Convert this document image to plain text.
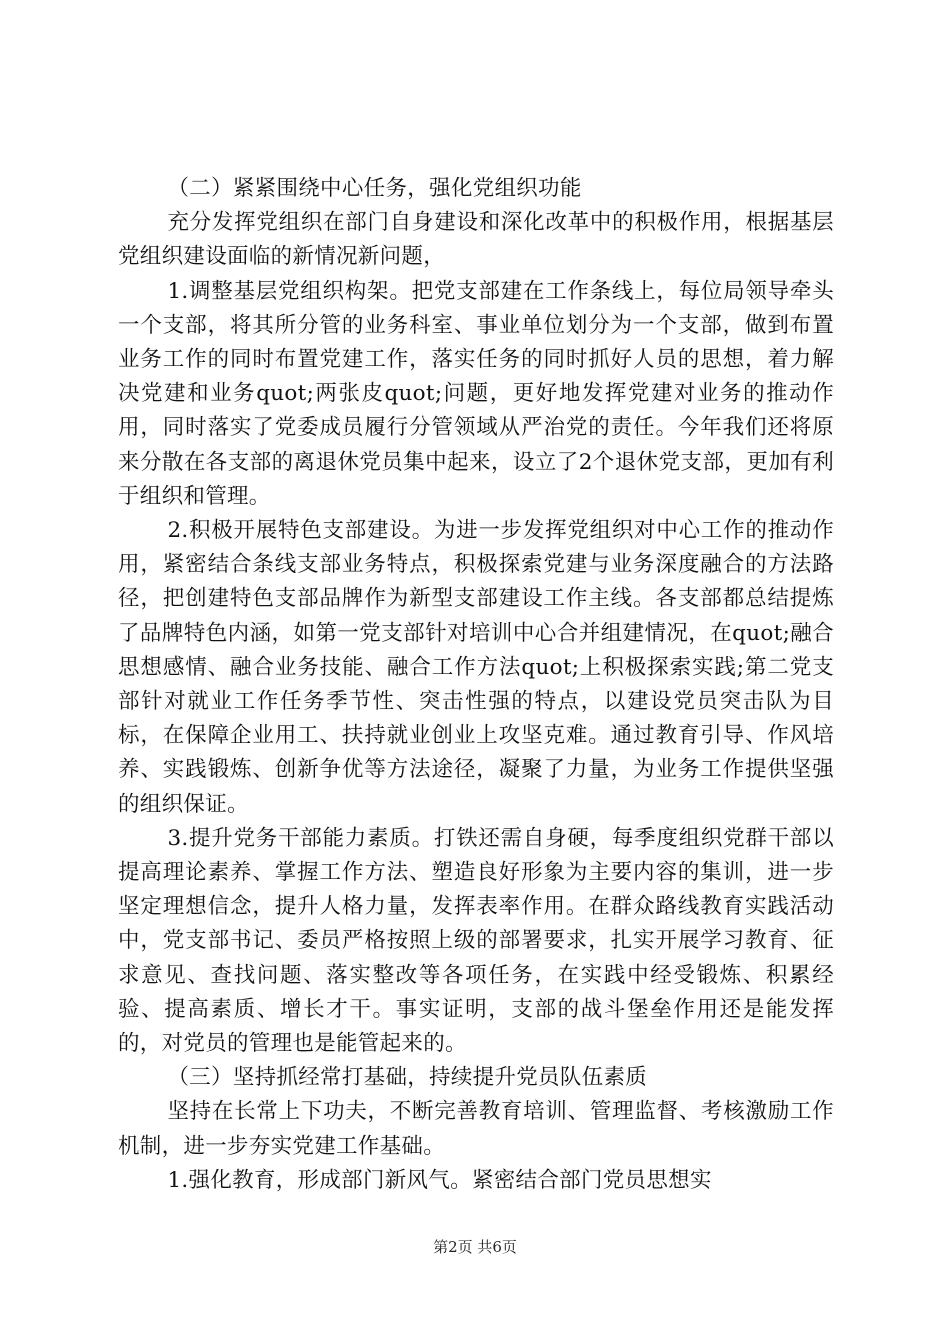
（二）紧紧围绕中心任务，强化党组织功能

充分发挥党组织在部门自身建设和深化改革中的积极作用，根据基层党组织建设面临的新情况新问题，

1.调整基层党组织构架。把党支部建在工作条线上，每位局领导牵头一个支部，将其所分管的业务科室、事业单位划分为一个支部，做到布置业务工作的同时布置党建工作，落实任务的同时抓好人员的思想，着力解决党建和业务quot;两张皮quot;问题，更好地发挥党建对业务的推动作用，同时落实了党委成员履行分管领域从严治党的责任。今年我们还将原来分散在各支部的离退休党员集中起来，设立了2个退休党支部，更加有利于组织和管理。

2.积极开展特色支部建设。为进一步发挥党组织对中心工作的推动作用，紧密结合条线支部业务特点，积极探索党建与业务深度融合的方法路径，把创建特色支部品牌作为新型支部建设工作主线。各支部都总结提炼了品牌特色内涵，如第一党支部针对培训中心合并组建情况，在quot;融合思想感情、融合业务技能、融合工作方法quot;上积极探索实践;第二党支部针对就业工作任务季节性、突击性强的特点，以建设党员突击队为目标，在保障企业用工、扶持就业创业上攻坚克难。通过教育引导、作风培养、实践锻炼、创新争优等方法途径，凝聚了力量，为业务工作提供坚强的组织保证。

3.提升党务干部能力素质。打铁还需自身硬，每季度组织党群干部以提高理论素养、掌握工作方法、塑造良好形象为主要内容的集训，进一步坚定理想信念，提升人格力量，发挥表率作用。在群众路线教育实践活动中，党支部书记、委员严格按照上级的部署要求，扎实开展学习教育、征求意见、查找问题、落实整改等各项任务，在实践中经受锻炼、积累经验、提高素质、增长才干。事实证明，支部的战斗堡垒作用还是能发挥的，对党员的管理也是能管起来的。

（三）坚持抓经常打基础，持续提升党员队伍素质

坚持在长常上下功夫，不断完善教育培训、管理监督、考核激励工作机制，进一步夯实党建工作基础。

1.强化教育，形成部门新风气。紧密结合部门党员思想实

第2页 共6页
